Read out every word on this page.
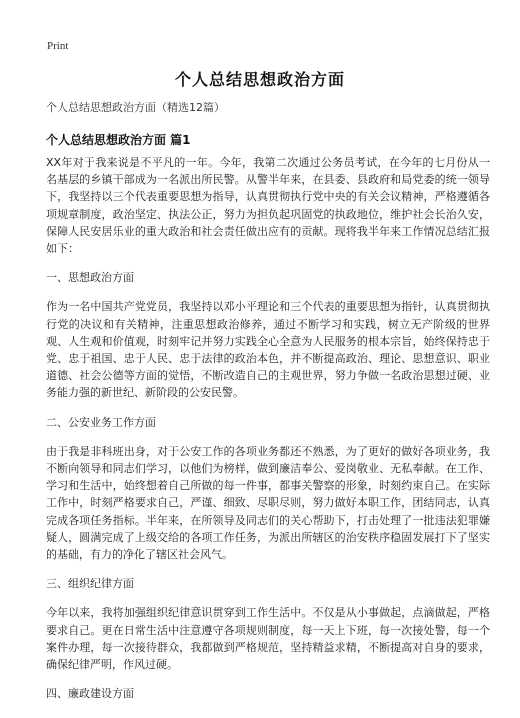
Print
个人总结思想政治方面
个人总结思想政治方面（精选12篇）
个人总结思想政治方面 篇1

XX年对于我来说是不平凡的一年。今年，我第二次通过公务员考试，在今年的七月份从一名基层的乡镇干部成为一名派出所民警。从警半年来，在县委、县政府和局党委的统一领导下，我坚持以三个代表重要思想为指导，认真贯彻执行党中央的有关会议精神，严格遵循各项规章制度，政治坚定、执法公正，努力为担负起巩固党的执政地位，维护社会长治久安，保障人民安居乐业的重大政治和社会责任做出应有的贡献。现将我半年来工作情况总结汇报如下：

一、思想政治方面

作为一名中国共产党党员，我坚持以邓小平理论和三个代表的重要思想为指针，认真贯彻执行党的决议和有关精神，注重思想政治修养，通过不断学习和实践，树立无产阶级的世界观、人生观和价值观，时刻牢记并努力实践全心全意为人民服务的根本宗旨，始终保持忠于党、忠于祖国、忠于人民、忠于法律的政治本色，并不断提高政治、理论、思想意识、职业道德、社会公德等方面的觉悟，不断改造自己的主观世界，努力争做一名政治思想过硬、业务能力强的新世纪、新阶段的公安民警。

二、公安业务工作方面

由于我是非科班出身，对于公安工作的各项业务都还不熟悉，为了更好的做好各项业务，我不断向领导和同志们学习，以他们为榜样，做到廉洁奉公、爱岗敬业、无私奉献。在工作、学习和生活中，始终想着自己所做的每一件事，都事关警察的形象，时刻约束自己。在实际工作中，时刻严格要求自己，严谨、细致、尽职尽则，努力做好本职工作，团结同志，认真完成各项任务指标。半年来，在所领导及同志们的关心帮助下，打击处理了一批违法犯罪嫌疑人，圆满完成了上级交给的各项工作任务，为派出所辖区的治安秩序稳固发展打下了坚实的基础，有力的净化了辖区社会风气。

三、组织纪律方面

今年以来，我将加强组织纪律意识贯穿到工作生活中。不仅是从小事做起，点滴做起，严格要求自己。更在日常生活中注意遵守各项规则制度，每一天上下班，每一次接处警，每一个案件办理，每一次接待群众，我都做到严格规范，坚持精益求精，不断提高对自身的要求，确保纪律严明，作风过硬。

四、廉政建设方面
